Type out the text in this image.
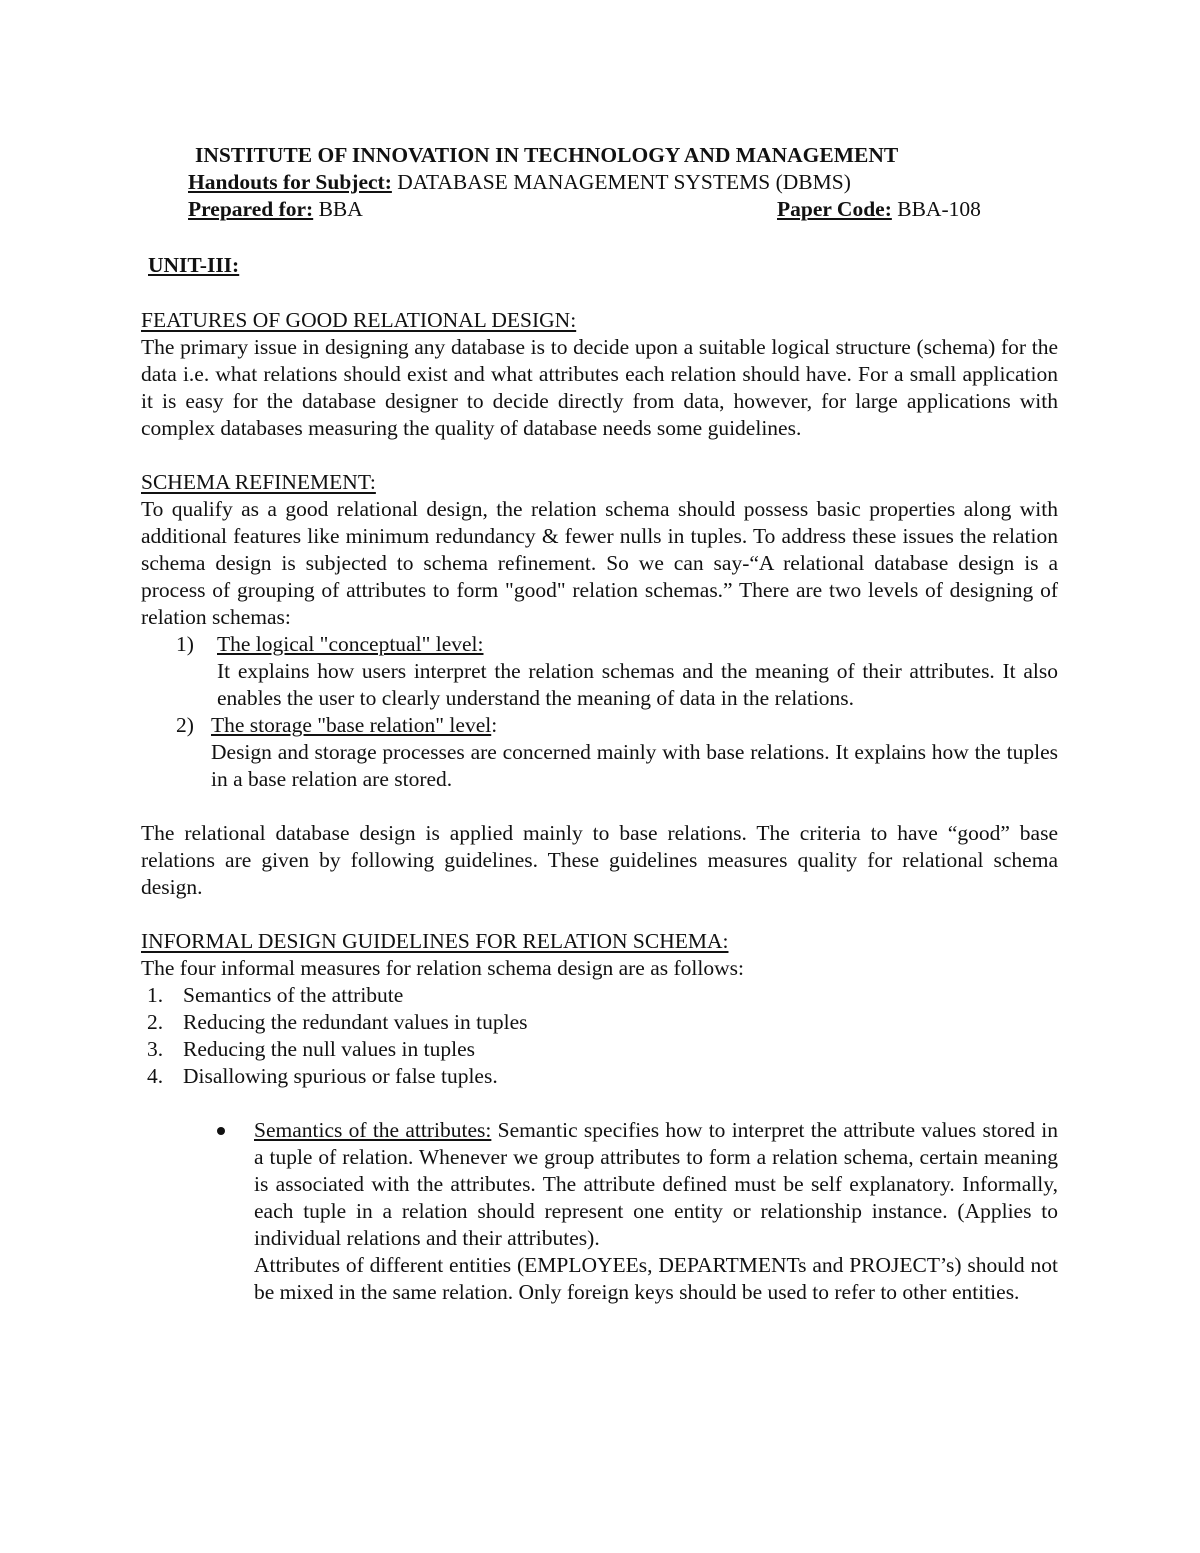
INSTITUTE OF INNOVATION IN TECHNOLOGY AND MANAGEMENT
Handouts for Subject: DATABASE MANAGEMENT SYSTEMS (DBMS)
Prepared for: BBA	Paper Code: BBA-108
UNIT-III:
FEATURES OF GOOD RELATIONAL DESIGN:
The primary issue in designing any database is to decide upon a suitable logical structure (schema) for the data i.e. what relations should exist and what attributes each relation should have. For a small application it is easy for the database designer to decide directly from data, however, for large applications with complex databases measuring the quality of database needs some guidelines.
SCHEMA REFINEMENT:
To qualify as a good relational design, the relation schema should possess basic properties along with additional features like minimum redundancy & fewer nulls in tuples. To address these issues the relation schema design is subjected to schema refinement. So we can say-“A relational database design is a process of grouping of attributes to form "good" relation schemas.” There are two levels of designing of relation schemas:
1)	The logical "conceptual" level:
It explains how users interpret the relation schemas and the meaning of their attributes. It also enables the user to clearly understand the meaning of data in the relations.
2) The storage "base relation" level:
Design and storage processes are concerned mainly with base relations. It explains how the tuples in a base relation are stored.
The relational database design is applied mainly to base relations. The criteria to have “good” base relations are given by following guidelines. These guidelines measures quality for relational schema design.
INFORMAL DESIGN GUIDELINES FOR RELATION SCHEMA:
The four informal measures for relation schema design are as follows:
1. Semantics of the attribute
2. Reducing the redundant values in tuples
3. Reducing the null values in tuples
4. Disallowing spurious or false tuples.
Semantics of the attributes: Semantic specifies how to interpret the attribute values stored in a tuple of relation. Whenever we group attributes to form a relation schema, certain meaning is associated with the attributes. The attribute defined must be self explanatory. Informally, each tuple in a relation should represent one entity or relationship instance. (Applies to individual relations and their attributes).
Attributes of different entities (EMPLOYEEs, DEPARTMENTs and PROJECT’s) should not be mixed in the same relation. Only foreign keys should be used to refer to other entities.
